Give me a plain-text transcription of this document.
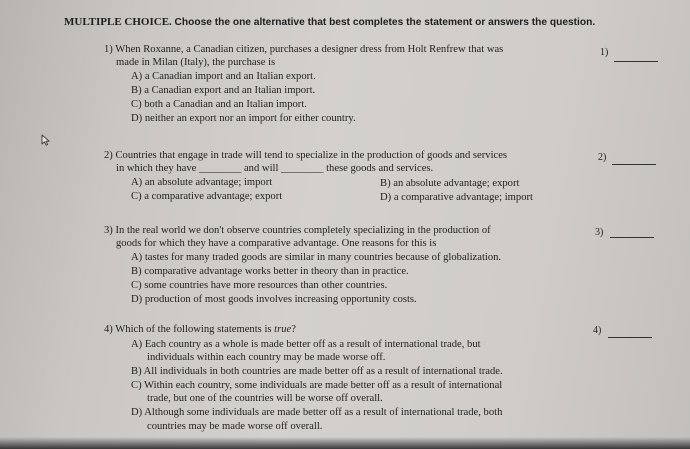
MULTIPLE CHOICE. Choose the one alternative that best completes the statement or answers the question.
1) When Roxanne, a Canadian citizen, purchases a designer dress from Holt Renfrew that was
made in Milan (Italy), the purchase is
A) a Canadian import and an Italian export.
B) a Canadian export and an Italian import.
C) both a Canadian and an Italian import.
D) neither an export nor an import for either country.
1)
2) Countries that engage in trade will tend to specialize in the production of goods and services
in which they have ________ and will ________ these goods and services.
A) an absolute advantage; import	B) an absolute advantage; export
C) a comparative advantage; export	D) a comparative advantage; import
2)
3) In the real world we don't observe countries completely specializing in the production of
goods for which they have a comparative advantage. One reasons for this is
A) tastes for many traded goods are similar in many countries because of globalization.
B) comparative advantage works better in theory than in practice.
C) some countries have more resources than other countries.
D) production of most goods involves increasing opportunity costs.
3)
4) Which of the following statements is true?
A) Each country as a whole is made better off as a result of international trade, but
individuals within each country may be made worse off.
B) All individuals in both countries are made better off as a result of international trade.
C) Within each country, some individuals are made better off as a result of international
trade, but one of the countries will be worse off overall.
D) Although some individuals are made better off as a result of international trade, both
countries may be made worse off overall.
4)
